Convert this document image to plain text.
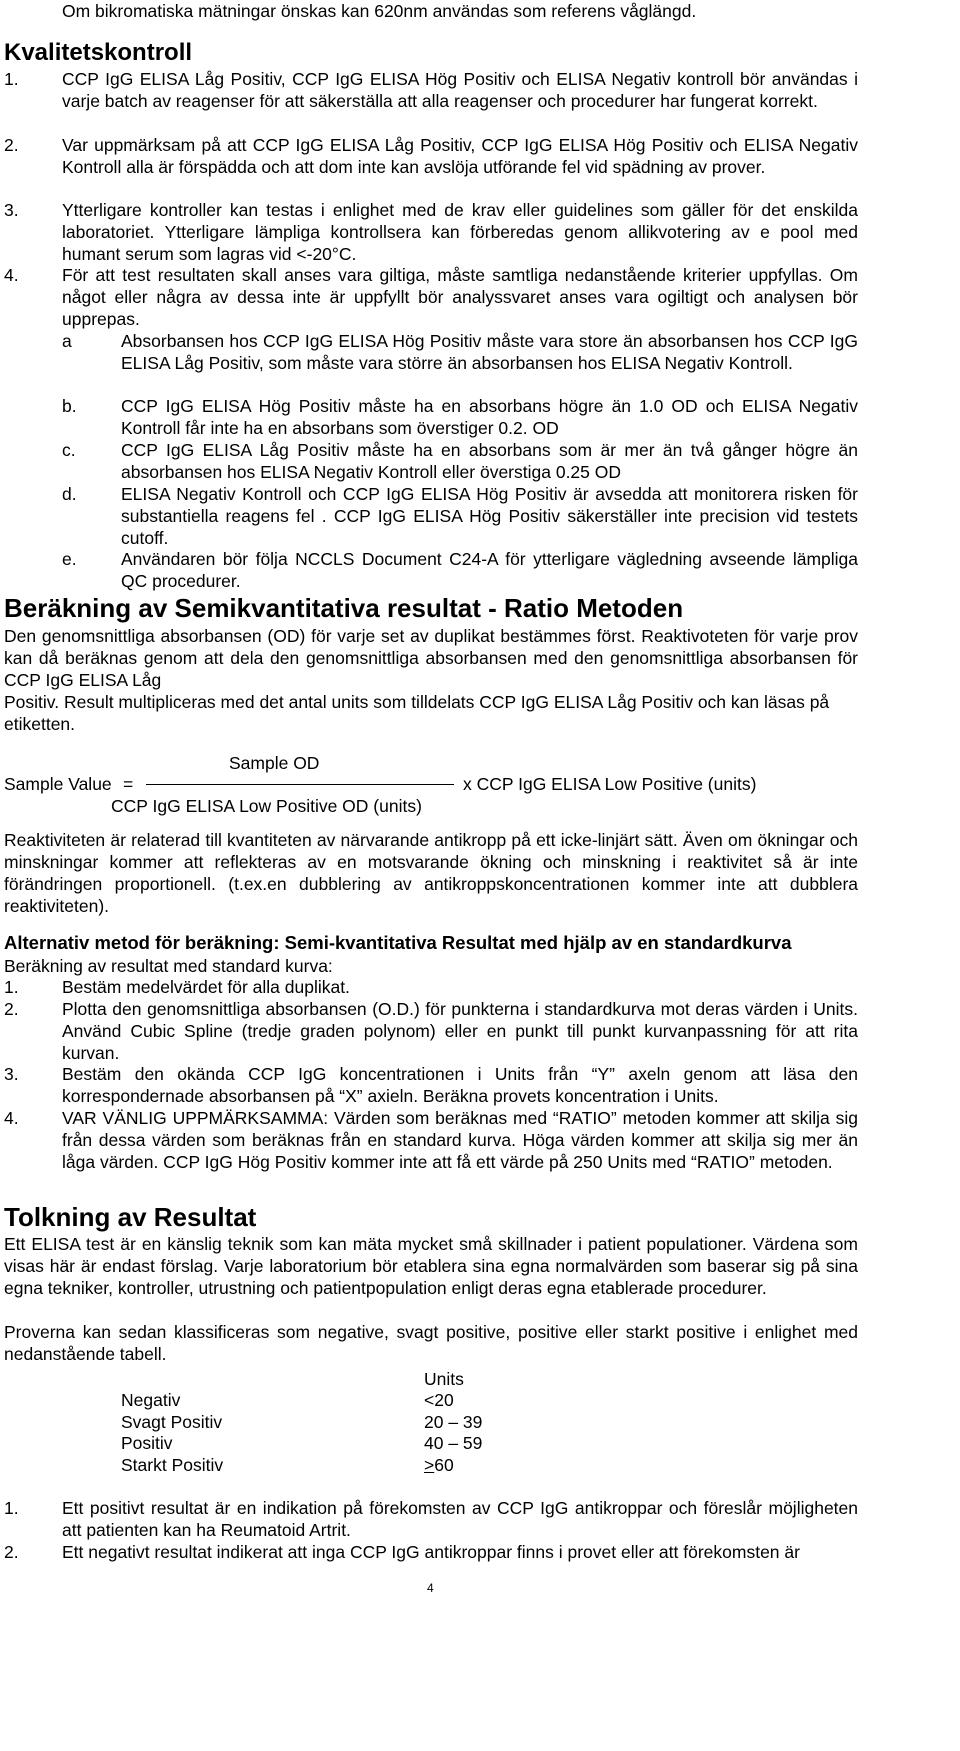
Om bikromatiska mätningar önskas kan 620nm användas som referens våglängd.

Kvalitetskontroll

1. CCP IgG ELISA Låg Positiv, CCP IgG ELISA Hög Positiv och ELISA Negativ kontroll bör användas i varje batch av reagenser för att säkerställa att alla reagenser och procedurer har fungerat korrekt.

2. Var uppmärksam på att CCP IgG ELISA Låg Positiv, CCP IgG ELISA Hög Positiv och ELISA Negativ Kontroll alla är förspädda och att dom inte kan avslöja utförande fel vid spädning av prover.

3. Ytterligare kontroller kan testas i enlighet med de krav eller guidelines som gäller för det enskilda laboratoriet. Ytterligare lämpliga kontrollsera kan förberedas genom allikvotering av e pool med humant serum som lagras vid <-20°C.

4. För att test resultaten skall anses vara giltiga, måste samtliga nedanstående kriterier uppfyllas. Om något eller några av dessa inte är uppfyllt bör analyssvaret anses vara ogiltigt och analysen bör upprepas.

a	Absorbansen hos CCP IgG ELISA Hög Positiv måste vara store än absorbansen hos CCP IgG ELISA Låg Positiv, som måste vara större än absorbansen hos ELISA Negativ Kontroll.

b.	CCP IgG ELISA Hög Positiv måste ha en absorbans högre än 1.0 OD och ELISA Negativ Kontroll får inte ha en absorbans som överstiger 0.2. OD

c.	CCP IgG ELISA Låg Positiv måste ha en absorbans som är mer än två gånger högre än absorbansen hos ELISA Negativ Kontroll eller överstiga 0.25 OD

d.	ELISA Negativ Kontroll och CCP IgG ELISA Hög Positiv är avsedda att monitorera risken för substantiella reagens fel . CCP IgG ELISA Hög Positiv säkerställer inte precision vid testets cutoff.

e.	Användaren bör följa NCCLS Document C24-A för ytterligare vägledning avseende lämpliga QC procedurer.

Beräkning av Semikvantitativa resultat - Ratio Metoden

Den genomsnittliga absorbansen (OD) för varje set av duplikat bestämmes först. Reaktivoteten för varje prov kan då beräknas genom att dela den genomsnittliga absorbansen med den genomsnittliga absorbansen för CCP IgG ELISA Låg

Positiv. Result multipliceras med det antal units som tilldelats CCP IgG ELISA Låg Positiv och kan läsas på etiketten.

Sample OD
Sample Value =	x CCP IgG ELISA Low Positive (units)
CCP IgG ELISA Low Positive OD (units)

Reaktiviteten är relaterad till kvantiteten av närvarande antikropp på ett icke-linjärt sätt. Även om ökningar och minskningar kommer att reflekteras av en motsvarande ökning och minskning i reaktivitet så är inte förändringen proportionell. (t.ex.en dubblering av antikroppskoncentrationen kommer inte att dubblera reaktiviteten).

Alternativ metod för beräkning: Semi-kvantitativa Resultat med hjälp av en standardkurva

Beräkning av resultat med standard kurva:

1. Bestäm medelvärdet för alla duplikat.

2. Plotta den genomsnittliga absorbansen (O.D.) för punkterna i standardkurva mot deras värden i Units. Använd Cubic Spline (tredje graden polynom) eller en punkt till punkt kurvanpassning för att rita kurvan.

3. Bestäm den okända CCP IgG koncentrationen i Units från “Y” axeln genom att läsa den korrespondernade absorbansen på “X” axieln. Beräkna provets koncentration i Units.

4. VAR VÄNLIG UPPMÄRKSAMMA: Värden som beräknas med “RATIO” metoden kommer att skilja sig från dessa värden som beräknas från en standard kurva. Höga värden kommer att skilja sig mer än låga värden. CCP IgG Hög Positiv kommer inte att få ett värde på 250 Units med “RATIO” metoden.

Tolkning av Resultat

Ett ELISA test är en känslig teknik som kan mäta mycket små skillnader i patient populationer. Värdena som visas här är endast förslag. Varje laboratorium bör etablera sina egna normalvärden som baserar sig på sina egna tekniker, kontroller, utrustning och patientpopulation enligt deras egna etablerade procedurer.

Proverna kan sedan klassificeras som negative, svagt positive, positive eller starkt positive i enlighet med nedanstående tabell.

Units
Negativ	<20
Svagt Positiv	20 – 39
Positiv	40 – 59
Starkt Positiv	>60
1. Ett positivt resultat är en indikation på förekomsten av CCP IgG antikroppar och föreslår möjligheten att patienten kan ha Reumatoid Artrit.

2. Ett negativt resultat indikerat att inga CCP IgG antikroppar finns i provet eller att förekomsten är

4
